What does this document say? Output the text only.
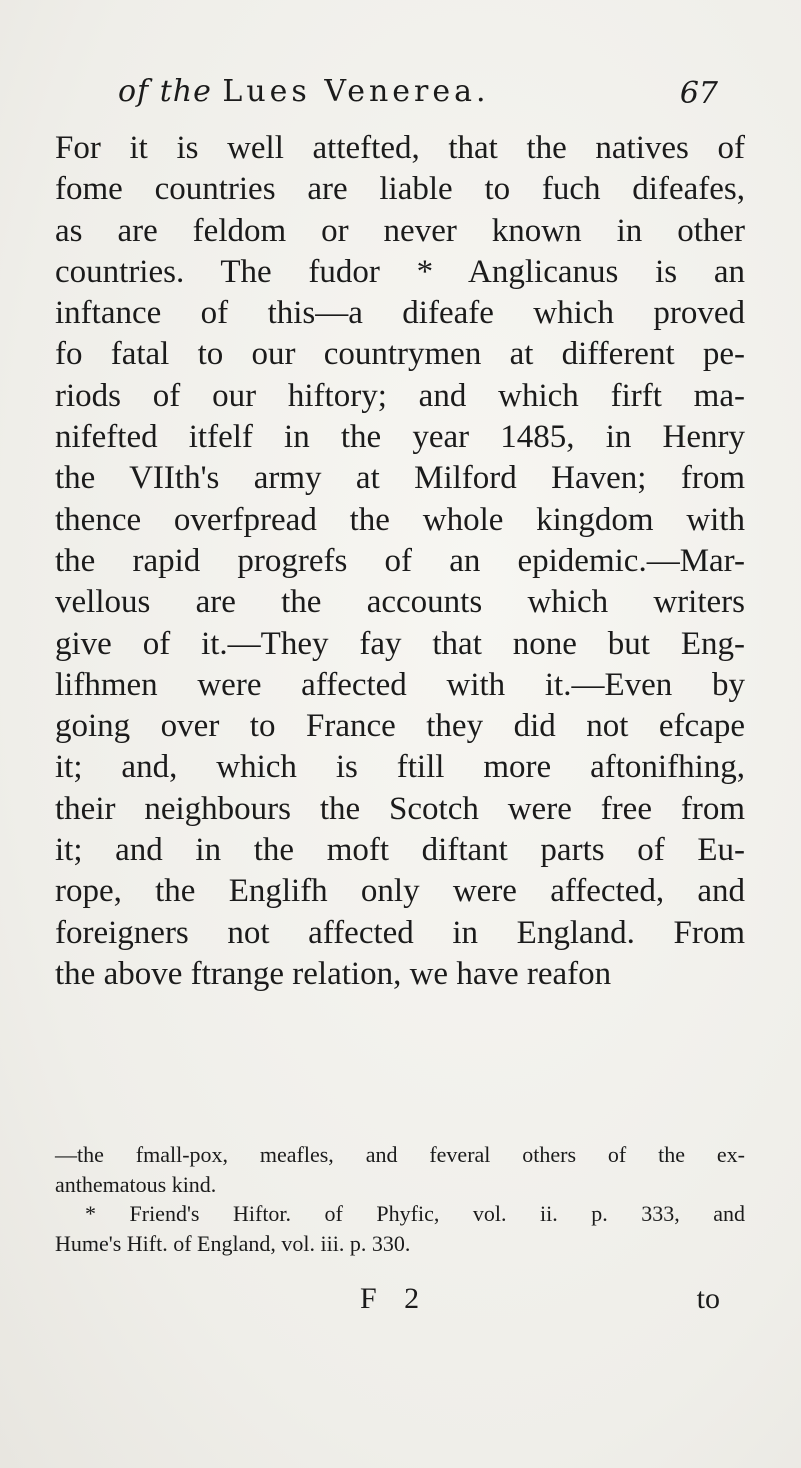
of the Lues Venerea.	67
For it is well attefted, that the natives of
fome countries are liable to fuch difeafes,
as are feldom or never known in other
countries. The fudor * Anglicanus is an
inftance of this—a difeafe which proved
fo fatal to our countrymen at different pe-
riods of our hiftory; and which firft ma-
nifefted itfelf in the year 1485, in Henry
the VIIth's army at Milford Haven; from
thence overfpread the whole kingdom with
the rapid progrefs of an epidemic.—Mar-
vellous are the accounts which writers
give of it.—They fay that none but Eng-
lifhmen were affected with it.—Even by
going over to France they did not efcape
it; and, which is ftill more aftonifhing,
their neighbours the Scotch were free from
it; and in the moft diftant parts of Eu-
rope, the Englifh only were affected, and
foreigners not affected in England. From
the above ftrange relation, we have reafon
—the fmall-pox, meafles, and feveral others of the ex-
anthematous kind.
* Friend's Hiftor. of Phyfic, vol. ii. p. 333, and
Hume's Hift. of England, vol. iii. p. 330.
F 2	to
